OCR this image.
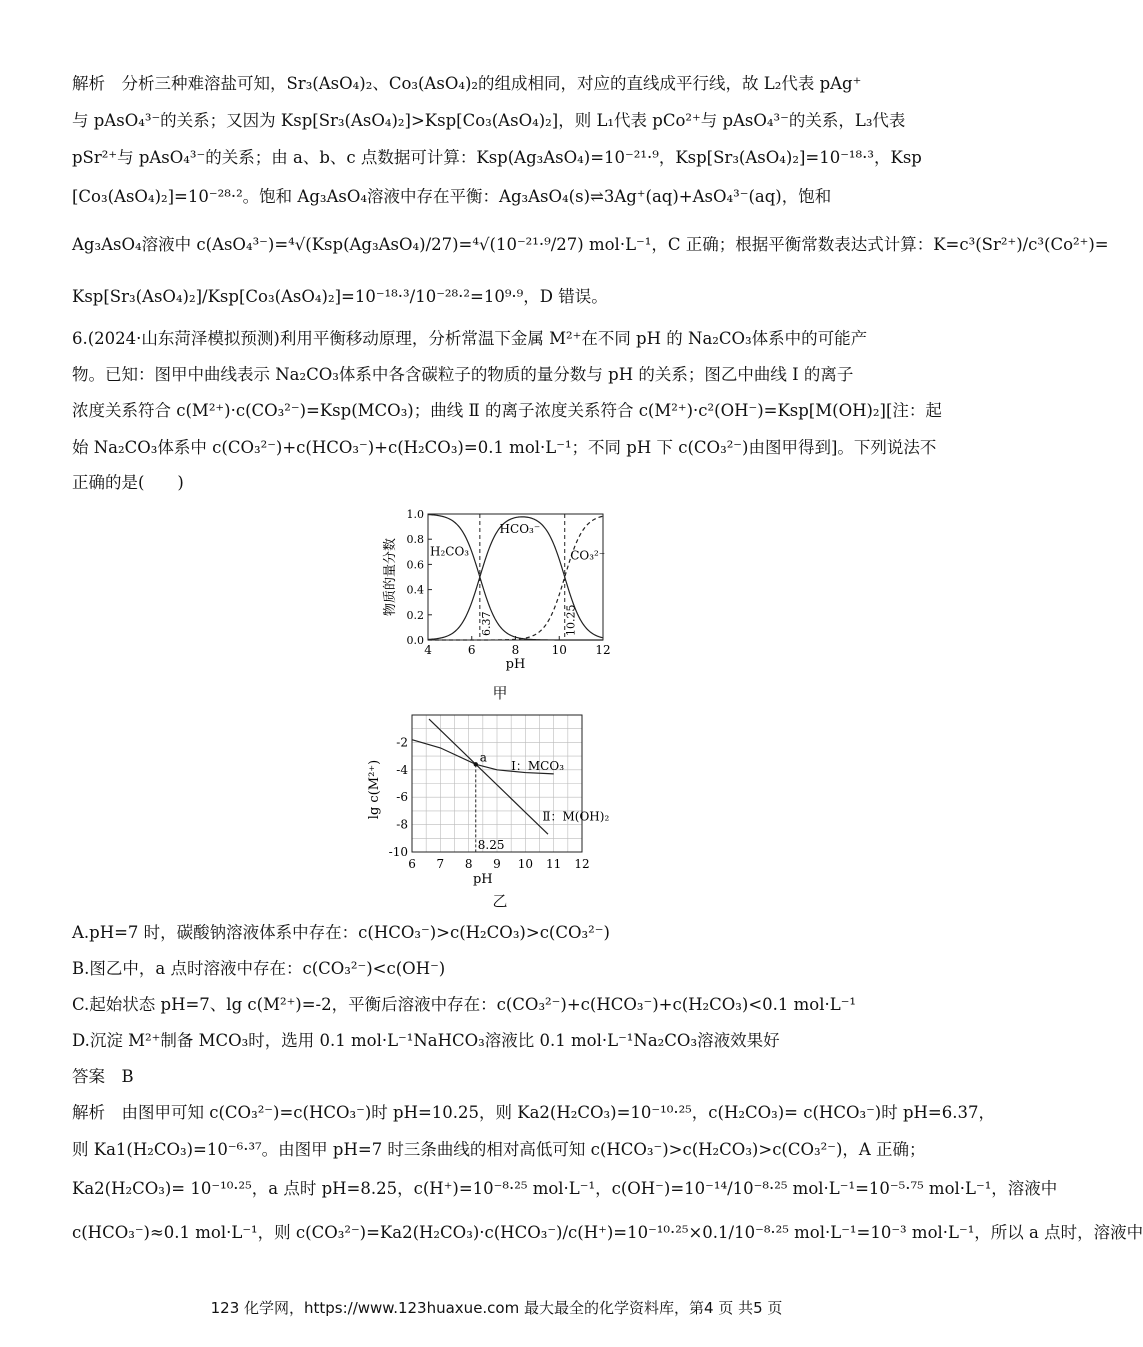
解析　分析三种难溶盐可知，Sr₃(AsO₄)₂、Co₃(AsO₄)₂的组成相同，对应的直线成平行线，故 L₂代表 pAg⁺
与 pAsO₄³⁻的关系；又因为 Ksp[Sr₃(AsO₄)₂]>Ksp[Co₃(AsO₄)₂]，则 L₁代表 pCo²⁺与 pAsO₄³⁻的关系，L₃代表
pSr²⁺与 pAsO₄³⁻的关系；由 a、b、c 点数据可计算：Ksp(Ag₃AsO₄)=10⁻²¹·⁹，Ksp[Sr₃(AsO₄)₂]=10⁻¹⁸·³，Ksp
[Co₃(AsO₄)₂]=10⁻²⁸·²。饱和 Ag₃AsO₄溶液中存在平衡：Ag₃AsO₄(s)⇌3Ag⁺(aq)+AsO₄³⁻(aq)，饱和
Ag₃AsO₄溶液中 c(AsO₄³⁻)=⁴√(Ksp(Ag₃AsO₄)/27)=⁴√(10⁻²¹·⁹/27) mol·L⁻¹，C 正确；根据平衡常数表达式计算：K=c³(Sr²⁺)/c³(Co²⁺)=
Ksp[Sr₃(AsO₄)₂]/Ksp[Co₃(AsO₄)₂]=10⁻¹⁸·³/10⁻²⁸·²=10⁹·⁹，D 错误。
6.(2024·山东菏泽模拟预测)利用平衡移动原理，分析常温下金属 M²⁺在不同 pH 的 Na₂CO₃体系中的可能产
物。已知：图甲中曲线表示 Na₂CO₃体系中各含碳粒子的物质的量分数与 pH 的关系；图乙中曲线 Ⅰ 的离子
浓度关系符合 c(M²⁺)·c(CO₃²⁻)=Ksp(MCO₃)；曲线 Ⅱ 的离子浓度关系符合 c(M²⁺)·c²(OH⁻)=Ksp[M(OH)₂][注：起
始 Na₂CO₃体系中 c(CO₃²⁻)+c(HCO₃⁻)+c(H₂CO₃)=0.1 mol·L⁻¹；不同 pH 下 c(CO₃²⁻)由图甲得到]。下列说法不
正确的是(　　)
4	6	8	10 12
0.0
0.2
0.4
0.6
0.8
1.0
pH
物质的量分数	H₂CO₃
HCO₃⁻
CO₃²⁻
6.37	10.25
甲
6 7 8 9 10 11 12
-2
-4
-6
-8
-10
pH
lg c(M²⁺)	Ⅰ：MCO₃
Ⅱ：M(OH)₂
a
8.25
乙
A.pH=7 时，碳酸钠溶液体系中存在：c(HCO₃⁻)>c(H₂CO₃)>c(CO₃²⁻)
B.图乙中，a 点时溶液中存在：c(CO₃²⁻)<c(OH⁻)
C.起始状态 pH=7、lg c(M²⁺)=-2，平衡后溶液中存在：c(CO₃²⁻)+c(HCO₃⁻)+c(H₂CO₃)<0.1 mol·L⁻¹
D.沉淀 M²⁺制备 MCO₃时，选用 0.1 mol·L⁻¹NaHCO₃溶液比 0.1 mol·L⁻¹Na₂CO₃溶液效果好
答案　B
解析　由图甲可知 c(CO₃²⁻)=c(HCO₃⁻)时 pH=10.25，则 Ka2(H₂CO₃)=10⁻¹⁰·²⁵，c(H₂CO₃)= c(HCO₃⁻)时 pH=6.37，
则 Ka1(H₂CO₃)=10⁻⁶·³⁷。由图甲 pH=7 时三条曲线的相对高低可知 c(HCO₃⁻)>c(H₂CO₃)>c(CO₃²⁻)，A 正确；
Ka2(H₂CO₃)= 10⁻¹⁰·²⁵，a 点时 pH=8.25，c(H⁺)=10⁻⁸·²⁵ mol·L⁻¹，c(OH⁻)=10⁻¹⁴/10⁻⁸·²⁵ mol·L⁻¹=10⁻⁵·⁷⁵ mol·L⁻¹，溶液中
c(HCO₃⁻)≈0.1 mol·L⁻¹，则 c(CO₃²⁻)=Ka2(H₂CO₃)·c(HCO₃⁻)/c(H⁺)=10⁻¹⁰·²⁵×0.1/10⁻⁸·²⁵ mol·L⁻¹=10⁻³ mol·L⁻¹，所以 a 点时，溶液中
123 化学网，https://www.123huaxue.com 最大最全的化学资料库，第4 页 共5 页
